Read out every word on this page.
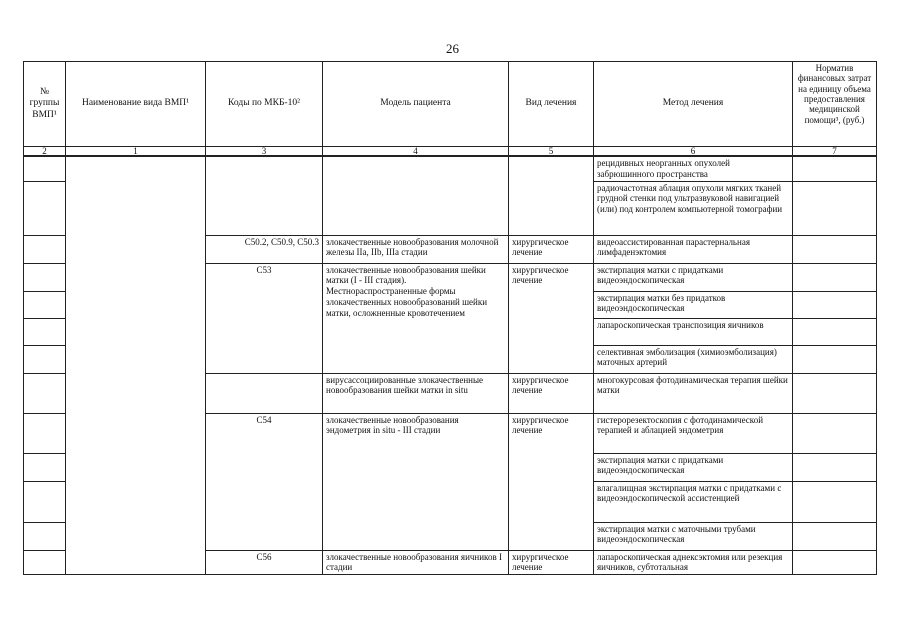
26
№ группы ВМП¹	Наименование вида ВМП¹	Коды по МКБ-10²	Модель пациента	Вид лечения	Метод лечения	Норматив финансовых затрат на единицу объема предоставления медицинской помощи³, (руб.)
2	1	3	4	5	6	7
					рецидивных неорганных опухолей забрюшинного пространства	
					радиочастотная аблация опухоли мягких тканей грудной стенки под ультразвуковой навигацией (или) под контролем компьютерной томографии	
		C50.2, C50.9, C50.3	злокачественные новообразования молочной железы IIa, IIb, IIIa стадии	хирургическое лечение	видеоассистированная парастернальная лимфаденэктомия	
		C53	злокачественные новообразования шейки матки (I - III стадия). Местнораспространенные формы злокачественных новообразований шейки матки, осложненные кровотечением	хирургическое лечение	экстирпация матки с придатками видеоэндоскопическая	
					экстирпация матки без придатков видеоэндоскопическая	
					лапароскопическая транспозиция яичников	
					селективная эмболизация (химиоэмболизация) маточных артерий	
			вирусассоциированные злокачественные новообразования шейки матки in situ	хирургическое лечение	многокурсовая фотодинамическая терапия шейки матки	
		C54	злокачественные новообразования эндометрия in situ - III стадии	хирургическое лечение	гистерорезектоскопия с фотодинамической терапией и аблацией эндометрия	
					экстирпация матки с придатками видеоэндоскопическая	
					влагалищная экстирпация матки с придатками с видеоэндоскопической ассистенцией	
					экстирпация матки с маточными трубами видеоэндоскопическая	
		C56	злокачественные новообразования яичников I стадии	хирургическое лечение	лапароскопическая аднексэктомия или резекция яичников, субтотальная	
